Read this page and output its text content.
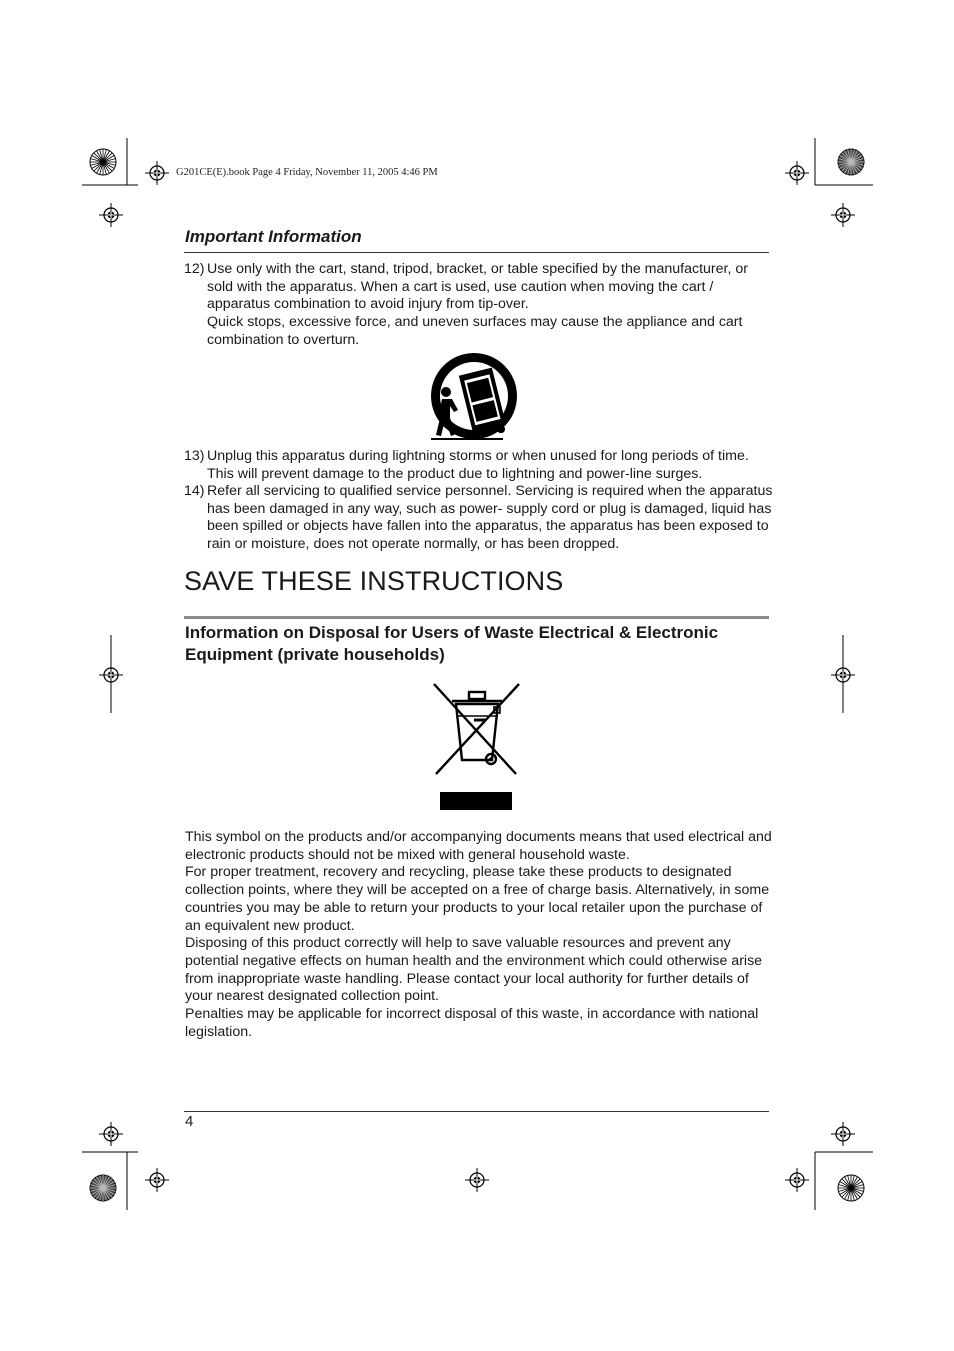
G201CE(E).book Page 4 Friday, November 11, 2005 4:46 PM
Important Information
12) Use only with the cart, stand, tripod, bracket, or table specified by the manufacturer, or sold with the apparatus. When a cart is used, use caution when moving the cart / apparatus combination to avoid injury from tip-over.

Quick stops, excessive force, and uneven surfaces may cause the appliance and cart combination to overturn.

13) Unplug this apparatus during lightning storms or when unused for long periods of time. This will prevent damage to the product due to lightning and power-line surges.

14) Refer all servicing to qualified service personnel. Servicing is required when the apparatus has been damaged in any way, such as power- supply cord or plug is damaged, liquid has been spilled or objects have fallen into the apparatus, the apparatus has been exposed to rain or moisture, does not operate normally, or has been dropped.

SAVE THESE INSTRUCTIONS
Information on Disposal for Users of Waste Electrical & Electronic Equipment (private households)

This symbol on the products and/or accompanying documents means that used electrical and electronic products should not be mixed with general household waste.

For proper treatment, recovery and recycling, please take these products to designated collection points, where they will be accepted on a free of charge basis. Alternatively, in some countries you may be able to return your products to your local retailer upon the purchase of an equivalent new product.

Disposing of this product correctly will help to save valuable resources and prevent any potential negative effects on human health and the environment which could otherwise arise from inappropriate waste handling. Please contact your local authority for further details of your nearest designated collection point.

Penalties may be applicable for incorrect disposal of this waste, in accordance with national legislation.

4
